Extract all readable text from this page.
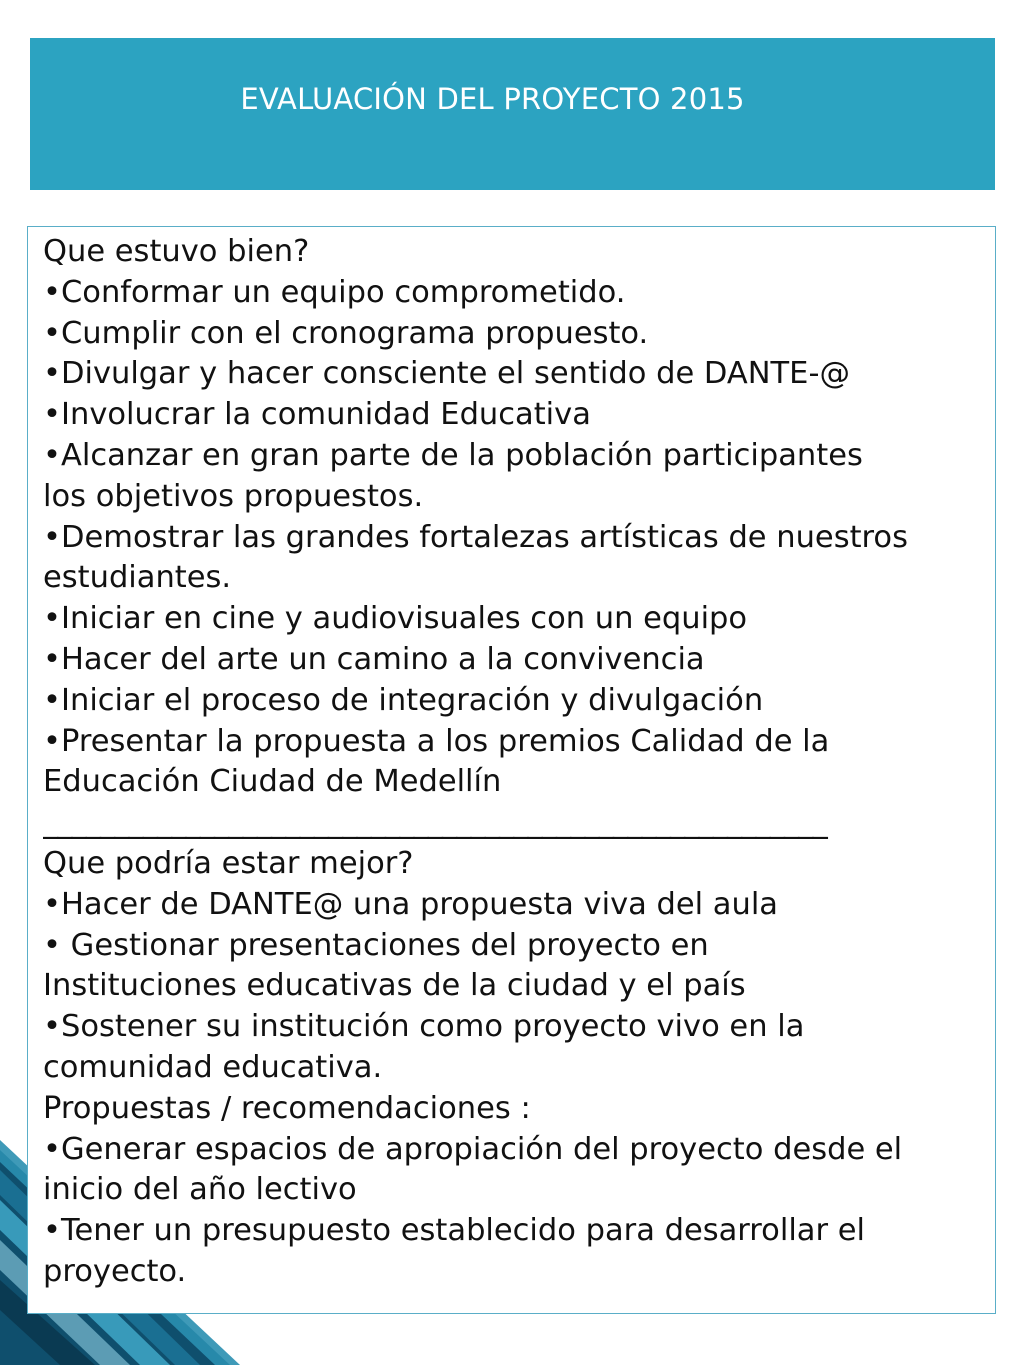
EVALUACIÓN DEL PROYECTO 2015
Que estuvo bien?
•Conformar un equipo comprometido.
•Cumplir con el cronograma propuesto.
•Divulgar y hacer consciente el sentido de DANTE-@
•Involucrar la comunidad Educativa
•Alcanzar en gran parte de la población participantes
los objetivos propuestos.
•Demostrar las grandes fortalezas artísticas de nuestros
estudiantes.
•Iniciar en cine y audiovisuales con un equipo
•Hacer del arte un camino a la convivencia
•Iniciar el proceso de integración y divulgación
•Presentar la propuesta a los premios Calidad de la
Educación Ciudad de Medellín
_______________________________________________________
Que podría estar mejor?
•Hacer de DANTE@ una propuesta viva del aula
• Gestionar presentaciones del proyecto en
Instituciones educativas de la ciudad y el país
•Sostener su institución como proyecto vivo en la
comunidad educativa.
Propuestas / recomendaciones :
•Generar espacios de apropiación del proyecto desde el
inicio del año lectivo
•Tener un presupuesto establecido para desarrollar el
proyecto.
